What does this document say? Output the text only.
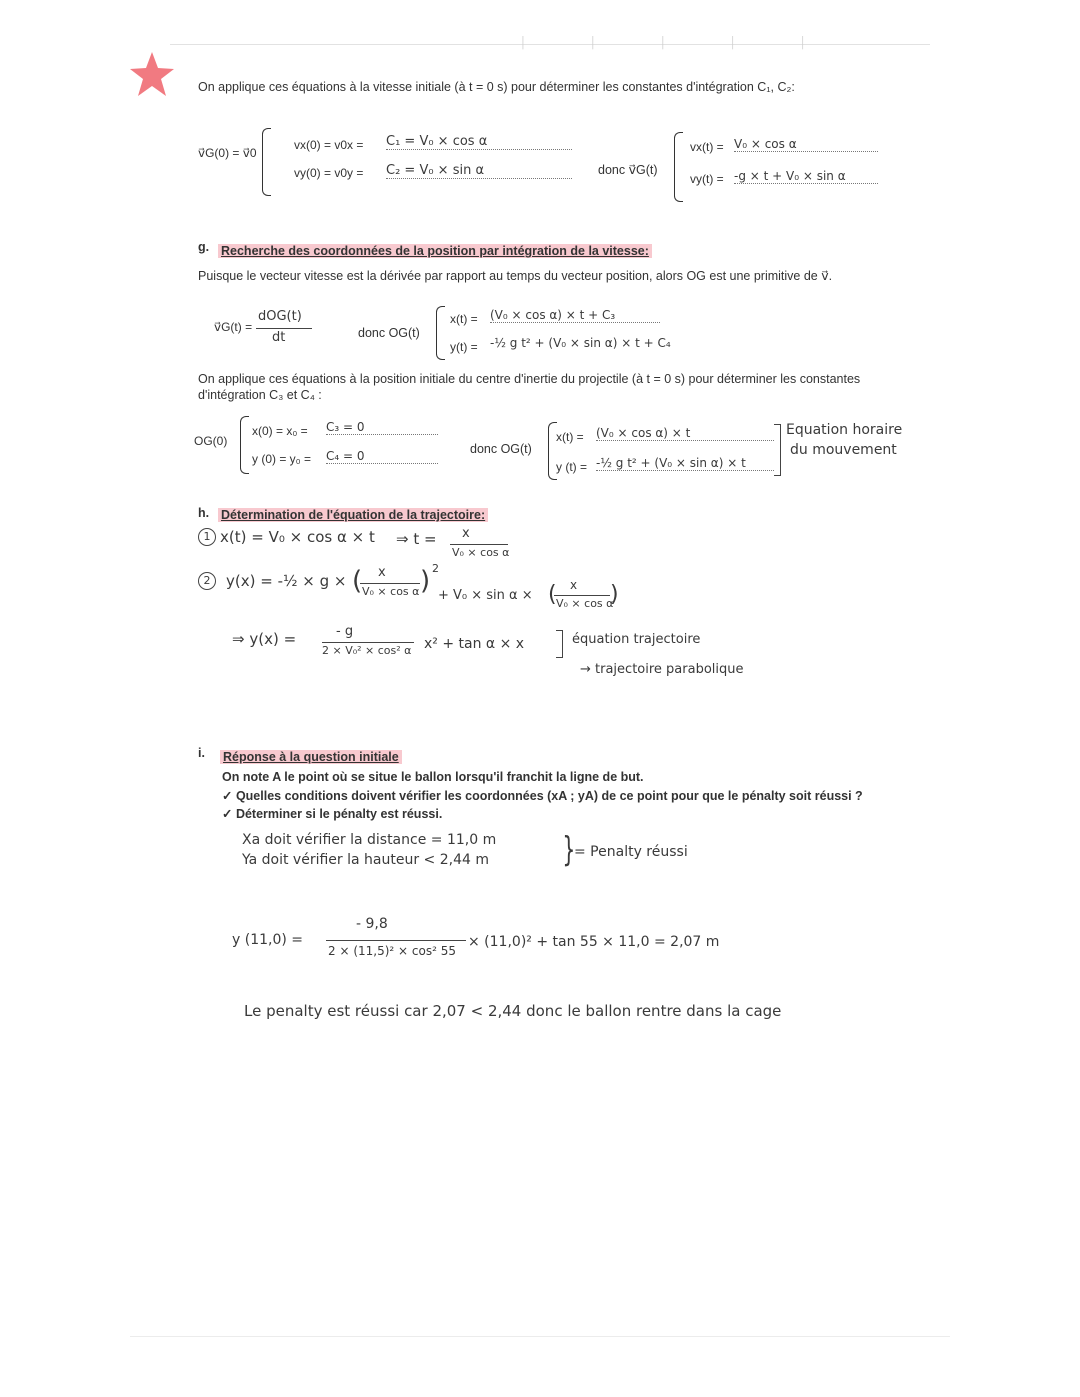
│ │ │ │ │
On applique ces équations à la vitesse initiale (à t = 0 s) pour déterminer les constantes d'intégration C₁, C₂:
v⃗G(0) = v⃗0
vx(0) = v0x = C₁ = V₀ × cos α
vy(0) = v0y = C₂ = V₀ × sin α	donc v⃗G(t)
vx(t) = V₀ × cos α
vy(t) = -g × t + V₀ × sin α
g. Recherche des coordonnées de la position par intégration de la vitesse:
Puisque le vecteur vitesse est la dérivée par rapport au temps du vecteur position, alors OG est une primitive de v⃗.
v⃗G(t) =
dOG(t)
dt	donc OG(t)
x(t) = (V₀ × cos α) × t + C₃
y(t) = -½ g t² + (V₀ × sin α) × t + C₄
On applique ces équations à la position initiale du centre d'inertie du projectile (à t = 0 s) pour déterminer les constantes
d'intégration C₃ et C₄ :
OG(0)
x(0) = x₀ = C₃ = 0
y (0) = y₀ = C₄ = 0	donc OG(t)
x(t) = (V₀ × cos α) × t
y (t) = -½ g t² + (V₀ × sin α) × t
Equation horaire
du mouvement
h. Détermination de l'équation de la trajectoire:
1 x(t) = V₀ × cos α × t ⇒ t = x
V₀ × cos α
2	y(x) = -½ × g × ( x
V₀ × cos α ) 2
+ V₀ × sin α × ( x
V₀ × cos α
)
⇒ y(x) =	- g
2 × V₀² × cos² α x² + tan α × x	équation trajectoire
→ trajectoire parabolique
i. Réponse à la question initiale
On note A le point où se situe le ballon lorsqu'il franchit la ligne de but.
✓ Quelles conditions doivent vérifier les coordonnées (xA ; yA) de ce point pour que le pénalty soit réussi ?
✓ Déterminer si le pénalty est réussi.
Xa doit vérifier la distance = 11,0 m
Ya doit vérifier la hauteur < 2,44 m }
= Penalty réussi
y (11,0) =
- 9,8
2 × (11,5)² × cos² 55
× (11,0)² + tan 55 × 11,0 = 2,07 m
Le penalty est réussi car 2,07 < 2,44 donc le ballon rentre dans la cage
